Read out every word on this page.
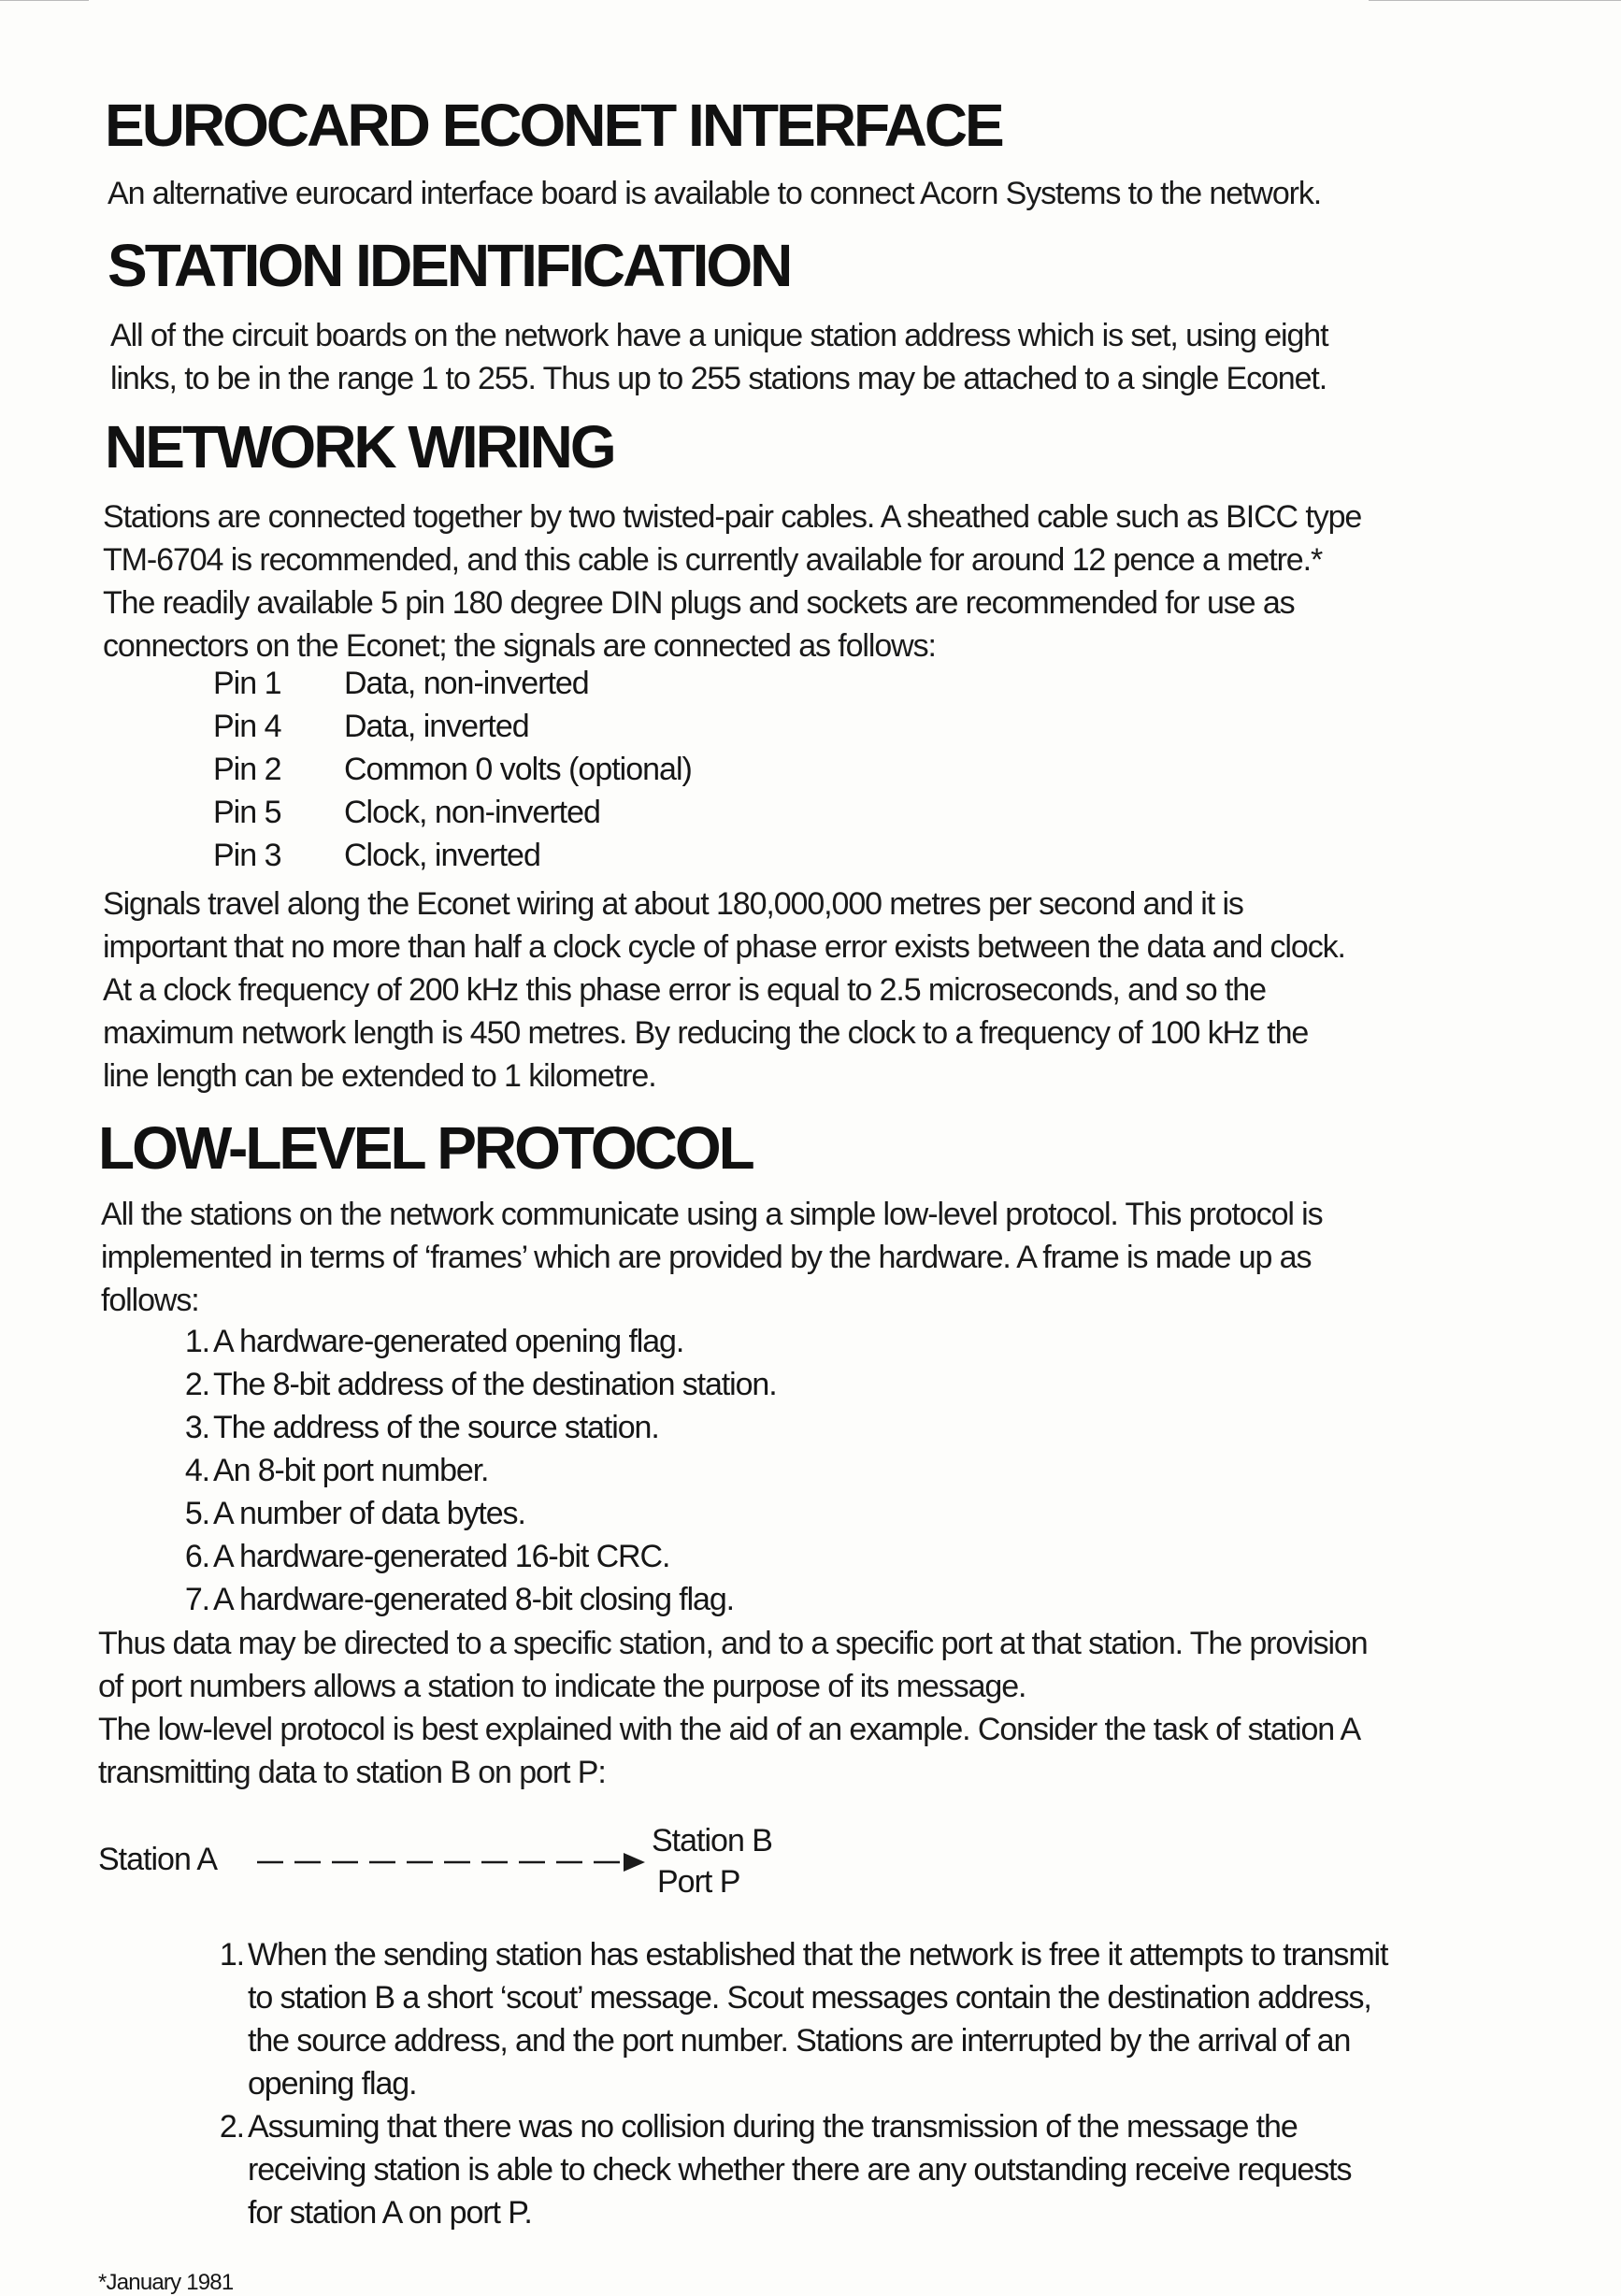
EUROCARD ECONET INTERFACE

An alternative eurocard interface board is available to connect Acorn Systems to the network.

STATION IDENTIFICATION

All of the circuit boards on the network have a unique station address which is set, using eight
links, to be in the range 1 to 255. Thus up to 255 stations may be attached to a single Econet.

NETWORK WIRING

Stations are connected together by two twisted-pair cables. A sheathed cable such as BICC type
TM-6704 is recommended, and this cable is currently available for around 12 pence a metre.*
The readily available 5 pin 180 degree DIN plugs and sockets are recommended for use as
connectors on the Econet; the signals are connected as follows:

Pin 1	Data, non-inverted
Pin 4	Data, inverted
Pin 2	Common 0 volts (optional)
Pin 5	Clock, non-inverted
Pin 3	Clock, inverted

Signals travel along the Econet wiring at about 180,000,000 metres per second and it is
important that no more than half a clock cycle of phase error exists between the data and clock.
At a clock frequency of 200 kHz this phase error is equal to 2.5 microseconds, and so the
maximum network length is 450 metres. By reducing the clock to a frequency of 100 kHz the
line length can be extended to 1 kilometre.

LOW-LEVEL PROTOCOL

All the stations on the network communicate using a simple low-level protocol. This protocol is
implemented in terms of ‘frames’ which are provided by the hardware. A frame is made up as
follows:

1. A hardware-generated opening flag.
2. The 8-bit address of the destination station.
3. The address of the source station.
4. An 8-bit port number.
5. A number of data bytes.
6. A hardware-generated 16-bit CRC.
7. A hardware-generated 8-bit closing flag.

Thus data may be directed to a specific station, and to a specific port at that station. The provision
of port numbers allows a station to indicate the purpose of its message.
The low-level protocol is best explained with the aid of an example. Consider the task of station A
transmitting data to station B on port P:

Station A
Station B
Port P
1. When the sending station has established that the network is free it attempts to transmit
to station B a short ‘scout’ message. Scout messages contain the destination address,
the source address, and the port number. Stations are interrupted by the arrival of an
opening flag.
2. Assuming that there was no collision during the transmission of the message the
receiving station is able to check whether there are any outstanding receive requests
for station A on port P.
*January 1981
